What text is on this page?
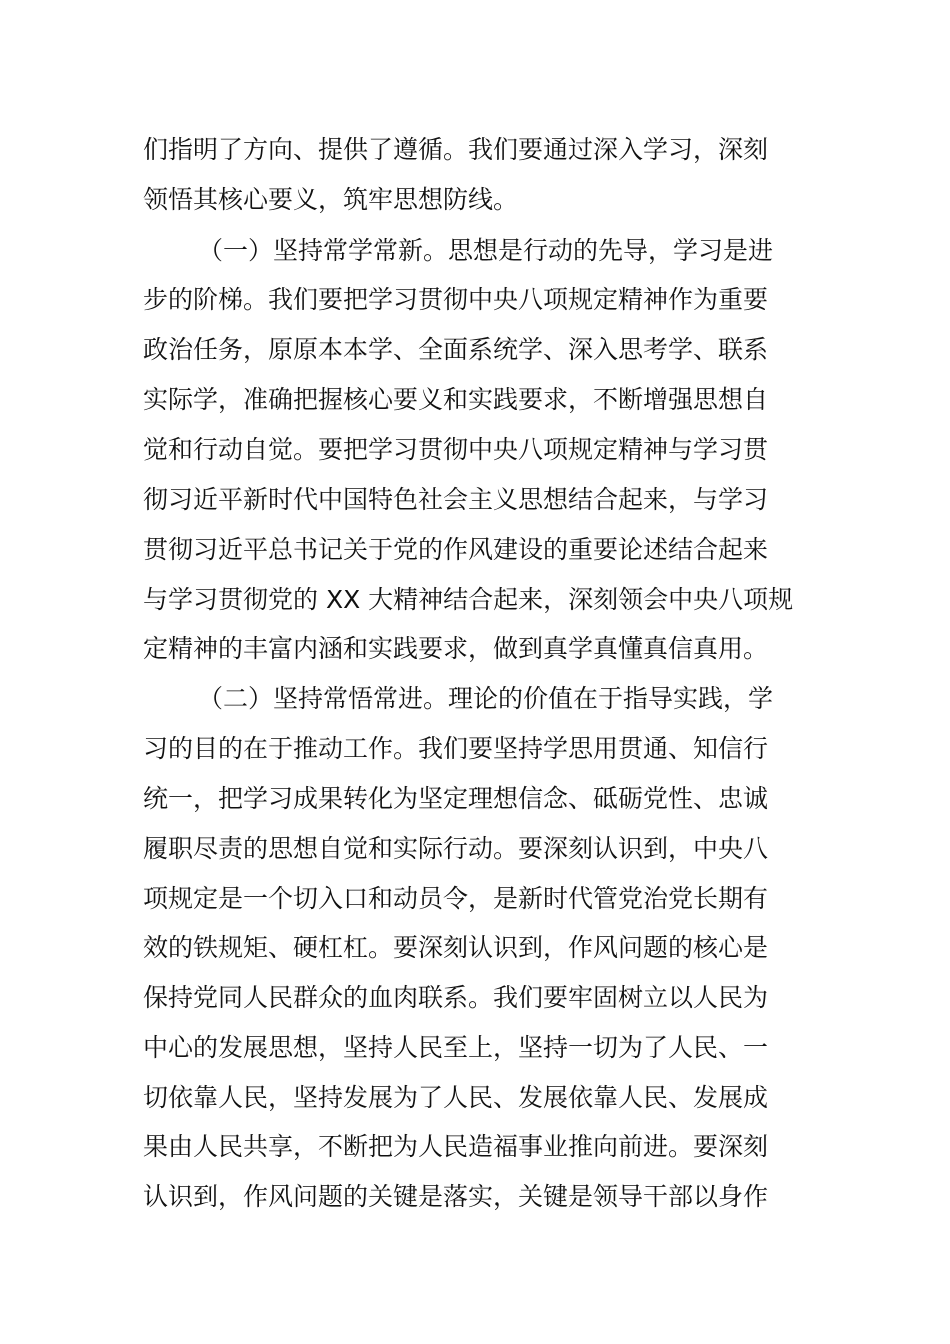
们指明了方向、提供了遵循。我们要通过深入学习，深刻
领悟其核心要义，筑牢思想防线。
（一）坚持常学常新。思想是行动的先导，学习是进
步的阶梯。我们要把学习贯彻中央八项规定精神作为重要
政治任务，原原本本学、全面系统学、深入思考学、联系
实际学，准确把握核心要义和实践要求，不断增强思想自
觉和行动自觉。要把学习贯彻中央八项规定精神与学习贯
彻习近平新时代中国特色社会主义思想结合起来，与学习
贯彻习近平总书记关于党的作风建设的重要论述结合起来
与学习贯彻党的 XX 大精神结合起来，深刻领会中央八项规
定精神的丰富内涵和实践要求，做到真学真懂真信真用。
（二）坚持常悟常进。理论的价值在于指导实践，学
习的目的在于推动工作。我们要坚持学思用贯通、知信行
统一，把学习成果转化为坚定理想信念、砥砺党性、忠诚
履职尽责的思想自觉和实际行动。要深刻认识到，中央八
项规定是一个切入口和动员令，是新时代管党治党长期有
效的铁规矩、硬杠杠。要深刻认识到，作风问题的核心是
保持党同人民群众的血肉联系。我们要牢固树立以人民为
中心的发展思想，坚持人民至上，坚持一切为了人民、一
切依靠人民，坚持发展为了人民、发展依靠人民、发展成
果由人民共享，不断把为人民造福事业推向前进。要深刻
认识到，作风问题的关键是落实，关键是领导干部以身作
